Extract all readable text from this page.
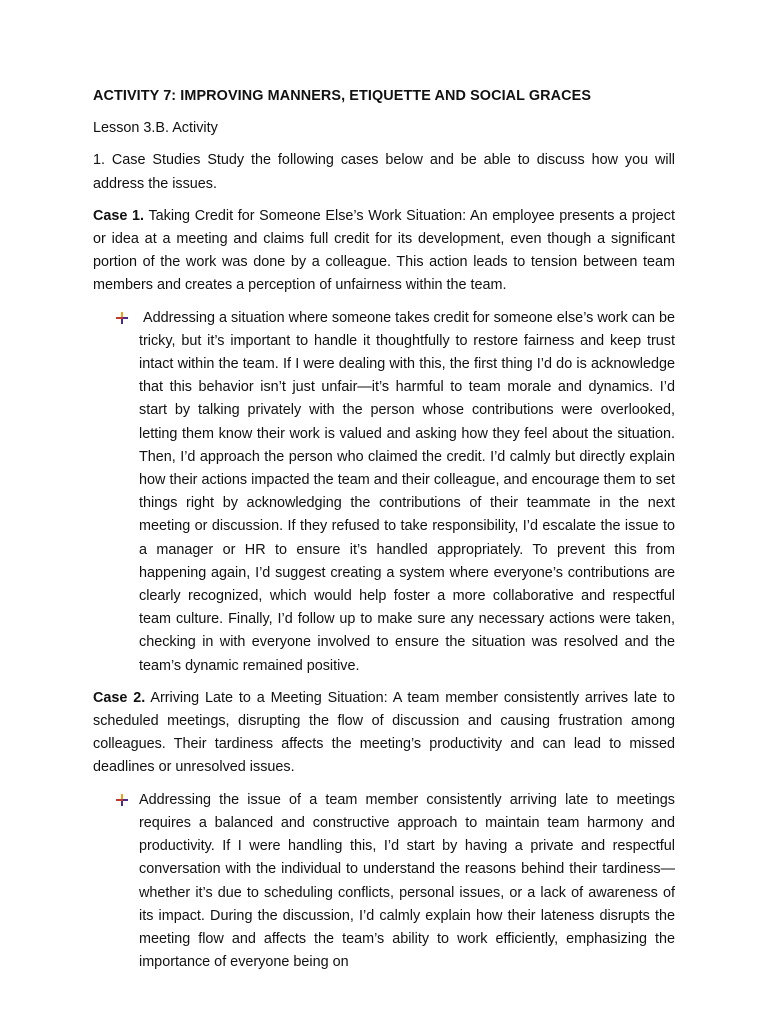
ACTIVITY 7: IMPROVING MANNERS, ETIQUETTE AND SOCIAL GRACES
Lesson 3.B. Activity
1. Case Studies Study the following cases below and be able to discuss how you will address the issues.
Case 1. Taking Credit for Someone Else’s Work Situation: An employee presents a project or idea at a meeting and claims full credit for its development, even though a significant portion of the work was done by a colleague. This action leads to tension between team members and creates a perception of unfairness within the team.
Addressing a situation where someone takes credit for someone else’s work can be tricky, but it’s important to handle it thoughtfully to restore fairness and keep trust intact within the team. If I were dealing with this, the first thing I’d do is acknowledge that this behavior isn’t just unfair—it’s harmful to team morale and dynamics. I’d start by talking privately with the person whose contributions were overlooked, letting them know their work is valued and asking how they feel about the situation. Then, I’d approach the person who claimed the credit. I’d calmly but directly explain how their actions impacted the team and their colleague, and encourage them to set things right by acknowledging the contributions of their teammate in the next meeting or discussion. If they refused to take responsibility, I’d escalate the issue to a manager or HR to ensure it’s handled appropriately. To prevent this from happening again, I’d suggest creating a system where everyone’s contributions are clearly recognized, which would help foster a more collaborative and respectful team culture. Finally, I’d follow up to make sure any necessary actions were taken, checking in with everyone involved to ensure the situation was resolved and the team’s dynamic remained positive.
Case 2. Arriving Late to a Meeting Situation: A team member consistently arrives late to scheduled meetings, disrupting the flow of discussion and causing frustration among colleagues. Their tardiness affects the meeting’s productivity and can lead to missed deadlines or unresolved issues.
Addressing the issue of a team member consistently arriving late to meetings requires a balanced and constructive approach to maintain team harmony and productivity. If I were handling this, I’d start by having a private and respectful conversation with the individual to understand the reasons behind their tardiness—whether it’s due to scheduling conflicts, personal issues, or a lack of awareness of its impact. During the discussion, I’d calmly explain how their lateness disrupts the meeting flow and affects the team’s ability to work efficiently, emphasizing the importance of everyone being on
